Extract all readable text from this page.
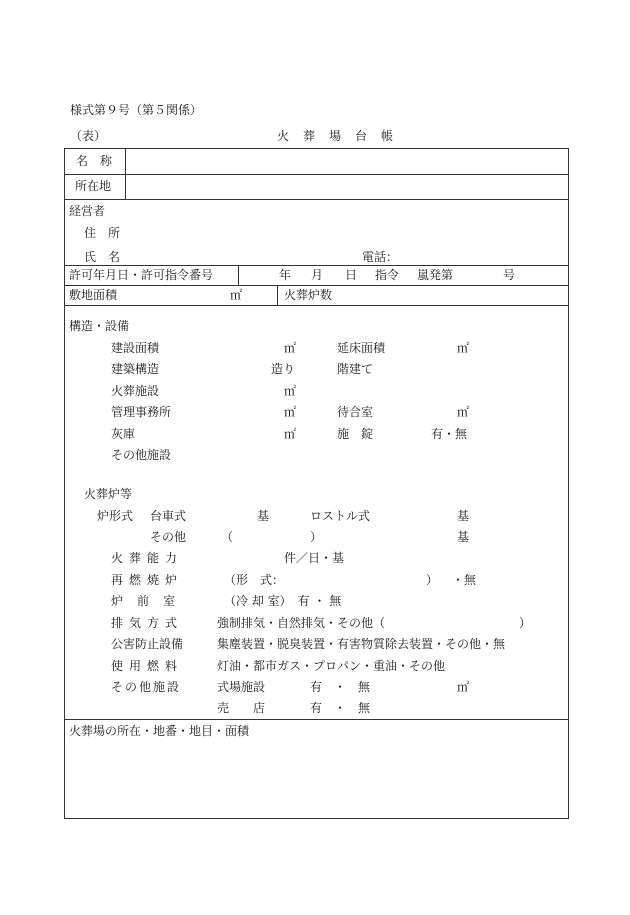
様式第９号（第５関係）
（表）	火　葬　場　台　帳
名　称
所在地
経営者
住　所
氏　名	電話：
許可年月日・許可指令番号	年 月 日 指令 嵐発第	号
敷地面積	㎡	火葬炉数
構造・設備
建設面積	㎡	延床面積	㎡
建築構造	造り	階建て
火葬施設	㎡
管理事務所	㎡	待合室	㎡
灰庫	㎡	施　錠	有・無
その他施設
火葬炉等
炉形式 台車式	基	ロストル式	基
その他	（	）	基
火葬能力	件／日・基
再燃焼炉	（形　式：	） ・無
炉前室	（冷 却 室）　有 ・ 無
排気方式	強制排気・自然排気・その他（	）
公害防止設備	集塵装置・脱臭装置・有害物質除去装置・その他・無
使用燃料	灯油・都市ガス・プロパン・重油・その他
その他施設	式場施設	有　・　無	㎡
売　　店	有　・　無
火葬場の所在・地番・地目・面積
